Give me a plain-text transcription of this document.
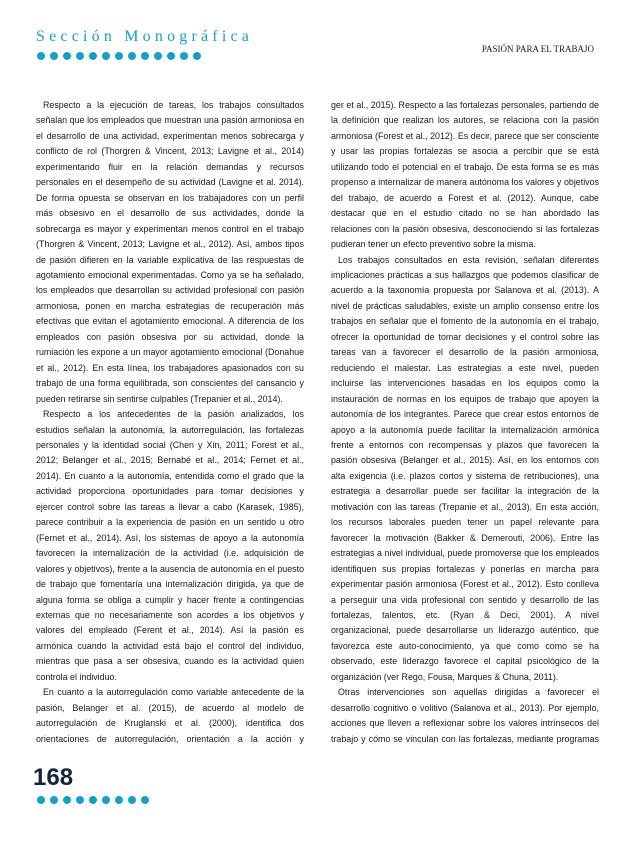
Sección Monográfica
PASIÓN PARA EL TRABAJO

Respecto a la ejecución de tareas, los trabajos consultados señalan que los empleados que muestran una pasión armoniosa en el desarrollo de una actividad, experimentan menos sobrecarga y conflicto de rol (Thorgren & Vincent, 2013; Lavigne et al., 2014) experimentando fluir en la relación demandas y recursos personales en el desempeño de su actividad (Lavigne et al. 2014). De forma opuesta se observan en los trabajadores con un perfil más obsesivo en el desarrollo de sus actividades, donde la sobrecarga es mayor y experimentan menos control en el trabajo (Thorgren & Vincent, 2013; Lavigne et al., 2012). Así, ambos tipos de pasión difieren en la variable explicativa de las respuestas de agotamiento emocional experimentadas. Como ya se ha señalado, los empleados que desarrollan su actividad profesional con pasión armoniosa, ponen en marcha estrategias de recuperación más efectivas que evitan el agotamiento emocional. A diferencia de los empleados con pasión obsesiva por su actividad, donde la rumiación les expone a un mayor agotamiento emocional (Donahue et al., 2012). En esta línea, los trabajadores apasionados con su trabajo de una forma equilibrada, son conscientes del cansancio y pueden retirarse sin sentirse culpables (Trepanier et al., 2014).

Respecto a los antecedentes de la pasión analizados, los estudios señalan la autonomía, la autorregulación, las fortalezas personales y la identidad social (Chen y Xin, 2011; Forest et al., 2012; Belanger et al., 2015; Bernabé et al., 2014; Fernet et al., 2014). En cuanto a la autonomía, entendida como el grado que la actividad proporciona oportunidades para tomar decisiones y ejercer control sobre las tareas a llevar a cabo (Karasek, 1985), parece contribuir a la experiencia de pasión en un sentido u otro (Fernet et al., 2014). Así, los sistemas de apoyo a la autonomía favorecen la internalización de la actividad (i.e. adquisición de valores y objetivos), frente a la ausencia de autonomía en el puesto de trabajo que fomentaría una internalización dirigida, ya que de alguna forma se obliga a cumplir y hacer frente a contingencias externas que no necesariamente son acordes a los objetivos y valores del empleado (Ferent et al., 2014). Así la pasión es armónica cuando la actividad está bajo el control del individuo, mientras que pasa a ser obsesiva, cuando es la actividad quien controla el individuo.

En cuanto a la autorregulación como variable antecedente de la pasión, Belanger et al. (2015), de acuerdo al modelo de autorregulación de Kruglanski et al. (2000), identifica dos orientaciones de autorregulación, orientación a la acción y

ger et al., 2015). Respecto a las fortalezas personales, partiendo de la definición que realizan los autores, se relaciona con la pasión armoniosa (Forest et al., 2012). Es decir, parece que ser consciente y usar las propias fortalezas se asocia a percibir que se está utilizando todo el potencial en el trabajo. De esta forma se es más propenso a internalizar de manera autónoma los valores y objetivos del trabajo, de acuerdo a Forest et al. (2012). Aunque, cabe destacar que en el estudio citado no se han abordado las relaciones con la pasión obsesiva, desconociendo si las fortalezas pudieran tener un efecto preventivo sobre la misma.

Los trabajos consultados en esta revisión, señalan diferentes implicaciones prácticas a sus hallazgos que podemos clasificar de acuerdo a la taxonomía propuesta por Salanova et al. (2013). A nivel de prácticas saludables, existe un amplio consenso entre los trabajos en señalar que el fomento de la autonomía en el trabajo, ofrecer la oportunidad de tomar decisiones y el control sobre las tareas van a favorecer el desarrollo de la pasión armoniosa, reduciendo el malestar. Las estrategias a este nivel, pueden incluirse las intervenciones basadas en los equipos como la instauración de normas en los equipos de trabajo que apoyen la autonomía de los integrantes. Parece que crear estos entornos de apoyo a la autonomía puede facilitar la internalización armónica frente a entornos con recompensas y plazos que favorecen la pasión obsesiva (Belanger et al., 2015). Así, en los entornos con alta exigencia (i.e. plazos cortos y sistema de retribuciones), una estrategia a desarrollar puede ser facilitar la integración de la motivación con las tareas (Trepanie et al., 2013). En esta acción, los recursos laborales pueden tener un papel relevante para favorecer la motivación (Bakker & Demerouti, 2006). Entre las estrategias a nivel individual, puede promoverse que los empleados identifiquen sus propias fortalezas y ponerlas en marcha para experimentar pasión armoniosa (Forest et al., 2012). Esto conlleva a perseguir una vida profesional con sentido y desarrollo de las fortalezas, talentos, etc. (Ryan & Deci, 2001). A nivel organizacional, puede desarrollarse un liderazgo auténtico, que favorezca este auto-conocimiento, ya que como como se ha observado, este liderazgo favorece el capital psicológico de la organización (ver Rego, Fousa, Marques & Chuna, 2011).

Otras intervenciones son aquellas dirigidas a favorecer el desarrollo cognitivo o volitivo (Salanova et al., 2013). Por ejemplo, acciones que lleven a reflexionar sobre los valores intrínsecos del trabajo y cómo se vinculan con las fortalezas, mediante programas

168
